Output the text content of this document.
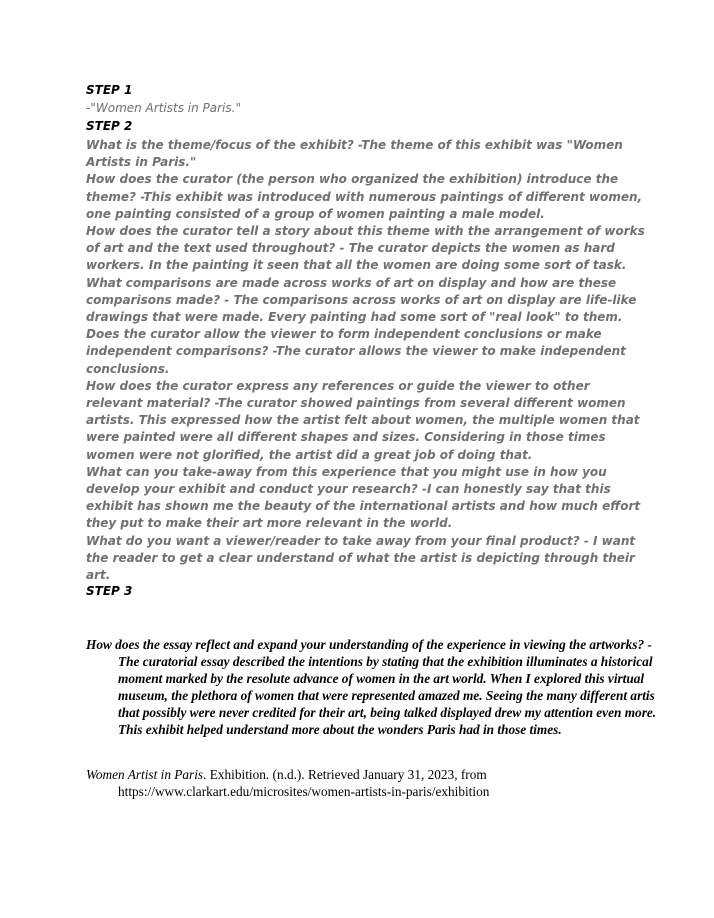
STEP 1

-"Women Artists in Paris."

STEP 2

What is the theme/focus of the exhibit? -The theme of this exhibit was "Women Artists in Paris."

How does the curator (the person who organized the exhibition) introduce the theme? -This exhibit was introduced with numerous paintings of different women, one painting consisted of a group of women painting a male model.

How does the curator tell a story about this theme with the arrangement of works of art and the text used throughout? - The curator depicts the women as hard workers. In the painting it seen that all the women are doing some sort of task.

What comparisons are made across works of art on display and how are these comparisons made? - The comparisons across works of art on display are life-like drawings that were made. Every painting had some sort of "real look" to them.

Does the curator allow the viewer to form independent conclusions or make independent comparisons? -The curator allows the viewer to make independent conclusions.

How does the curator express any references or guide the viewer to other relevant material? -The curator showed paintings from several different women artists. This expressed how the artist felt about women, the multiple women that were painted were all different shapes and sizes. Considering in those times women were not glorified, the artist did a great job of doing that.

What can you take-away from this experience that you might use in how you develop your exhibit and conduct your research? -I can honestly say that this exhibit has shown me the beauty of the international artists and how much effort they put to make their art more relevant in the world.

What do you want a viewer/reader to take away from your final product? - I want the reader to get a clear understand of what the artist is depicting through their art.

STEP 3

How does the essay reflect and expand your understanding of the experience in viewing the artworks? -The curatorial essay described the intentions by stating that the exhibition illuminates a historical moment marked by the resolute advance of women in the art world. When I explored this virtual museum, the plethora of women that were represented amazed me. Seeing the many different artis that possibly were never credited for their art, being talked displayed drew my attention even more. This exhibit helped understand more about the wonders Paris had in those times.

Women Artist in Paris. Exhibition. (n.d.). Retrieved January 31, 2023, from https://www.clarkart.edu/microsites/women-artists-in-paris/exhibition
